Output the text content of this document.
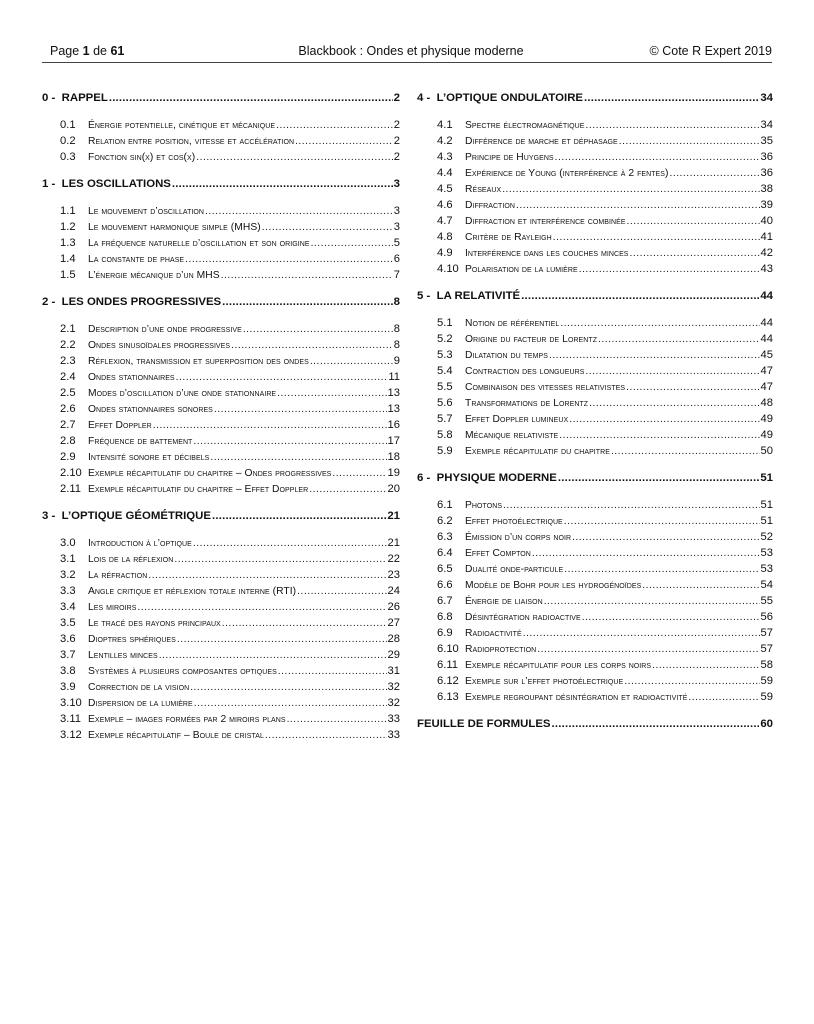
Page 1 de 61	Blackbook : Ondes et physique moderne	© Cote R Expert 2019
0 - RAPPEL .....	2
0.1	Énergie potentielle, cinétique et mécanique .....	2
0.2	Relation entre position, vitesse et accélération .....	2
0.3	Fonction sin(x) et cos(x) .....	2
1 - LES OSCILLATIONS .....	3
1.1	Le mouvement d’oscillation .....	3
1.2	Le mouvement harmonique simple (MHS) .....	3
1.3	La fréquence naturelle d’oscillation et son origine .....	5
1.4	La constante de phase .....	6
1.5	L’énergie mécanique d’un MHS .....	7
2 - LES ONDES PROGRESSIVES .....	8
2.1	Description d’une onde progressive .....	8
2.2	Ondes sinusoïdales progressives .....	8
2.3	Réflexion, transmission et superposition des ondes .....	9
2.4	Ondes stationnaires .....	11
2.5	Modes d’oscillation d’une onde stationnaire .....	13
2.6	Ondes stationnaires sonores .....	13
2.7	Effet Doppler .....	16
2.8	Fréquence de battement .....	17
2.9	Intensité sonore et décibels .....	18
2.10 Exemple récapitulatif du chapitre – Ondes progressives .....	19
2.11 Exemple récapitulatif du chapitre – Effet Doppler .....	20
3 - L’OPTIQUE GÉOMÉTRIQUE .....	21
3.0	Introduction à l’optique .....	21
3.1	Lois de la réflexion .....	22
3.2	La réfraction .....	23
3.3	Angle critique et réflexion totale interne (RTI) .....	24
3.4	Les miroirs .....	26
3.5	Le tracé des rayons principaux .....	27
3.6	Dioptres sphériques .....	28
3.7	Lentilles minces .....	29
3.8	Systèmes à plusieurs composantes optiques .....	31
3.9	Correction de la vision .....	32
3.10 Dispersion de la lumière .....	32
3.11 Exemple – images formées par 2 miroirs plans .....	33
3.12 Exemple récapitulatif – Boule de cristal .....	33
4 - L’OPTIQUE ONDULATOIRE .....	34
4.1	Spectre électromagnétique .....	34
4.2	Différence de marche et déphasage .....	35
4.3	Principe de Huygens .....	36
4.4	Expérience de Young (interférence à 2 fentes) .....	36
4.5	Réseaux .....	38
4.6	Diffraction .....	39
4.7	Diffraction et interférence combinée .....	40
4.8	Critère de Rayleigh .....	41
4.9	Interférence dans les couches minces .....	42
4.10 Polarisation de la lumière .....	43
5 - LA RELATIVITÉ .....	44
5.1	Notion de référentiel .....	44
5.2	Origine du facteur de Lorentz .....	44
5.3	Dilatation du temps .....	45
5.4	Contraction des longueurs .....	47
5.5	Combinaison des vitesses relativistes .....	47
5.6	Transformations de Lorentz .....	48
5.7	Effet Doppler lumineux .....	49
5.8	Mécanique relativiste .....	49
5.9	Exemple récapitulatif du chapitre .....	50
6 - PHYSIQUE MODERNE .....	51
6.1	Photons .....	51
6.2	Effet photoélectrique .....	51
6.3	Émission d’un corps noir .....	52
6.4	Effet Compton .....	53
6.5	Dualité onde-particule .....	53
6.6	Modèle de Bohr pour les hydrogénoïdes .....	54
6.7	Énergie de liaison .....	55
6.8	Désintégration radioactive .....	56
6.9	Radioactivité .....	57
6.10 Radioprotection .....	57
6.11 Exemple récapitulatif pour les corps noirs .....	58
6.12 Exemple sur l’effet photoélectrique .....	59
6.13 Exemple regroupant désintégration et radioactivité .....	59
FEUILLE DE FORMULES .....	60
